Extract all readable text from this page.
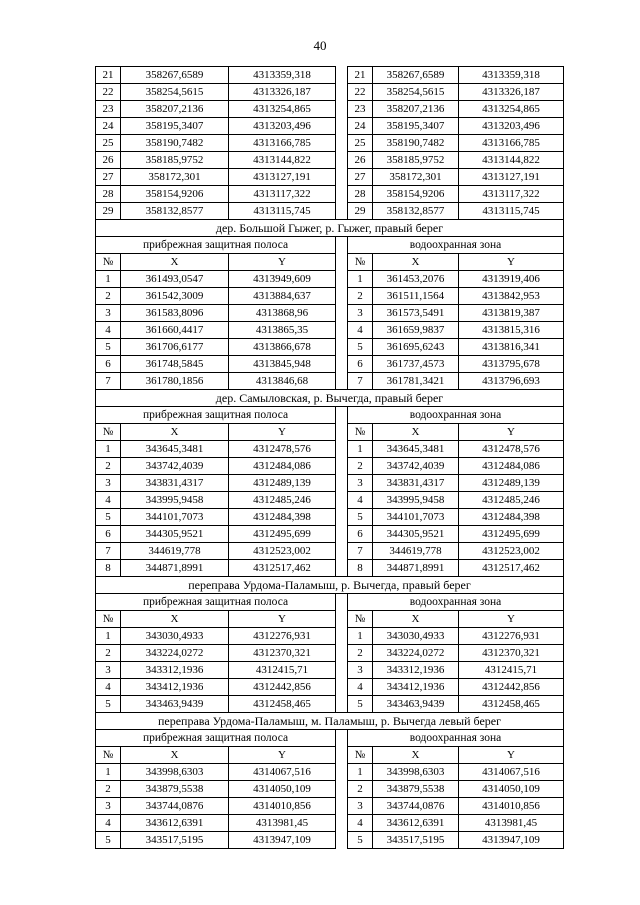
40
21	358267,6589	4313359,318		21	358267,6589	4313359,318
22	358254,5615	4313326,187		22	358254,5615	4313326,187
23	358207,2136	4313254,865		23	358207,2136	4313254,865
24	358195,3407	4313203,496		24	358195,3407	4313203,496
25	358190,7482	4313166,785		25	358190,7482	4313166,785
26	358185,9752	4313144,822		26	358185,9752	4313144,822
27	358172,301	4313127,191		27	358172,301	4313127,191
28	358154,9206	4313117,322		28	358154,9206	4313117,322
29	358132,8577	4313115,745		29	358132,8577	4313115,745
дер. Большой Гыжег, р. Гыжег, правый берег						
прибрежная защитная полоса				водоохранная зона		
№	X	Y		№	X	Y
1	361493,0547	4313949,609		1	361453,2076	4313919,406
2	361542,3009	4313884,637		2	361511,1564	4313842,953
3	361583,8096	4313868,96		3	361573,5491	4313819,387
4	361660,4417	4313865,35		4	361659,9837	4313815,316
5	361706,6177	4313866,678		5	361695,6243	4313816,341
6	361748,5845	4313845,948		6	361737,4573	4313795,678
7	361780,1856	4313846,68		7	361781,3421	4313796,693
дер. Самыловская, р. Вычегда, правый берег						
прибрежная защитная полоса				водоохранная зона		
№	X	Y		№	X	Y
1	343645,3481	4312478,576		1	343645,3481	4312478,576
2	343742,4039	4312484,086		2	343742,4039	4312484,086
3	343831,4317	4312489,139		3	343831,4317	4312489,139
4	343995,9458	4312485,246		4	343995,9458	4312485,246
5	344101,7073	4312484,398		5	344101,7073	4312484,398
6	344305,9521	4312495,699		6	344305,9521	4312495,699
7	344619,778	4312523,002		7	344619,778	4312523,002
8	344871,8991	4312517,462		8	344871,8991	4312517,462
переправа Урдома-Паламыш, р. Вычегда, правый берег						
прибрежная защитная полоса				водоохранная зона		
№	X	Y		№	X	Y
1	343030,4933	4312276,931		1	343030,4933	4312276,931
2	343224,0272	4312370,321		2	343224,0272	4312370,321
3	343312,1936	4312415,71		3	343312,1936	4312415,71
4	343412,1936	4312442,856		4	343412,1936	4312442,856
5	343463,9439	4312458,465		5	343463,9439	4312458,465
переправа Урдома-Паламыш, м. Паламыш, р. Вычегда левый берег						
прибрежная защитная полоса				водоохранная зона		
№	X	Y		№	X	Y
1	343998,6303	4314067,516		1	343998,6303	4314067,516
2	343879,5538	4314050,109		2	343879,5538	4314050,109
3	343744,0876	4314010,856		3	343744,0876	4314010,856
4	343612,6391	4313981,45		4	343612,6391	4313981,45
5	343517,5195	4313947,109		5	343517,5195	4313947,109
